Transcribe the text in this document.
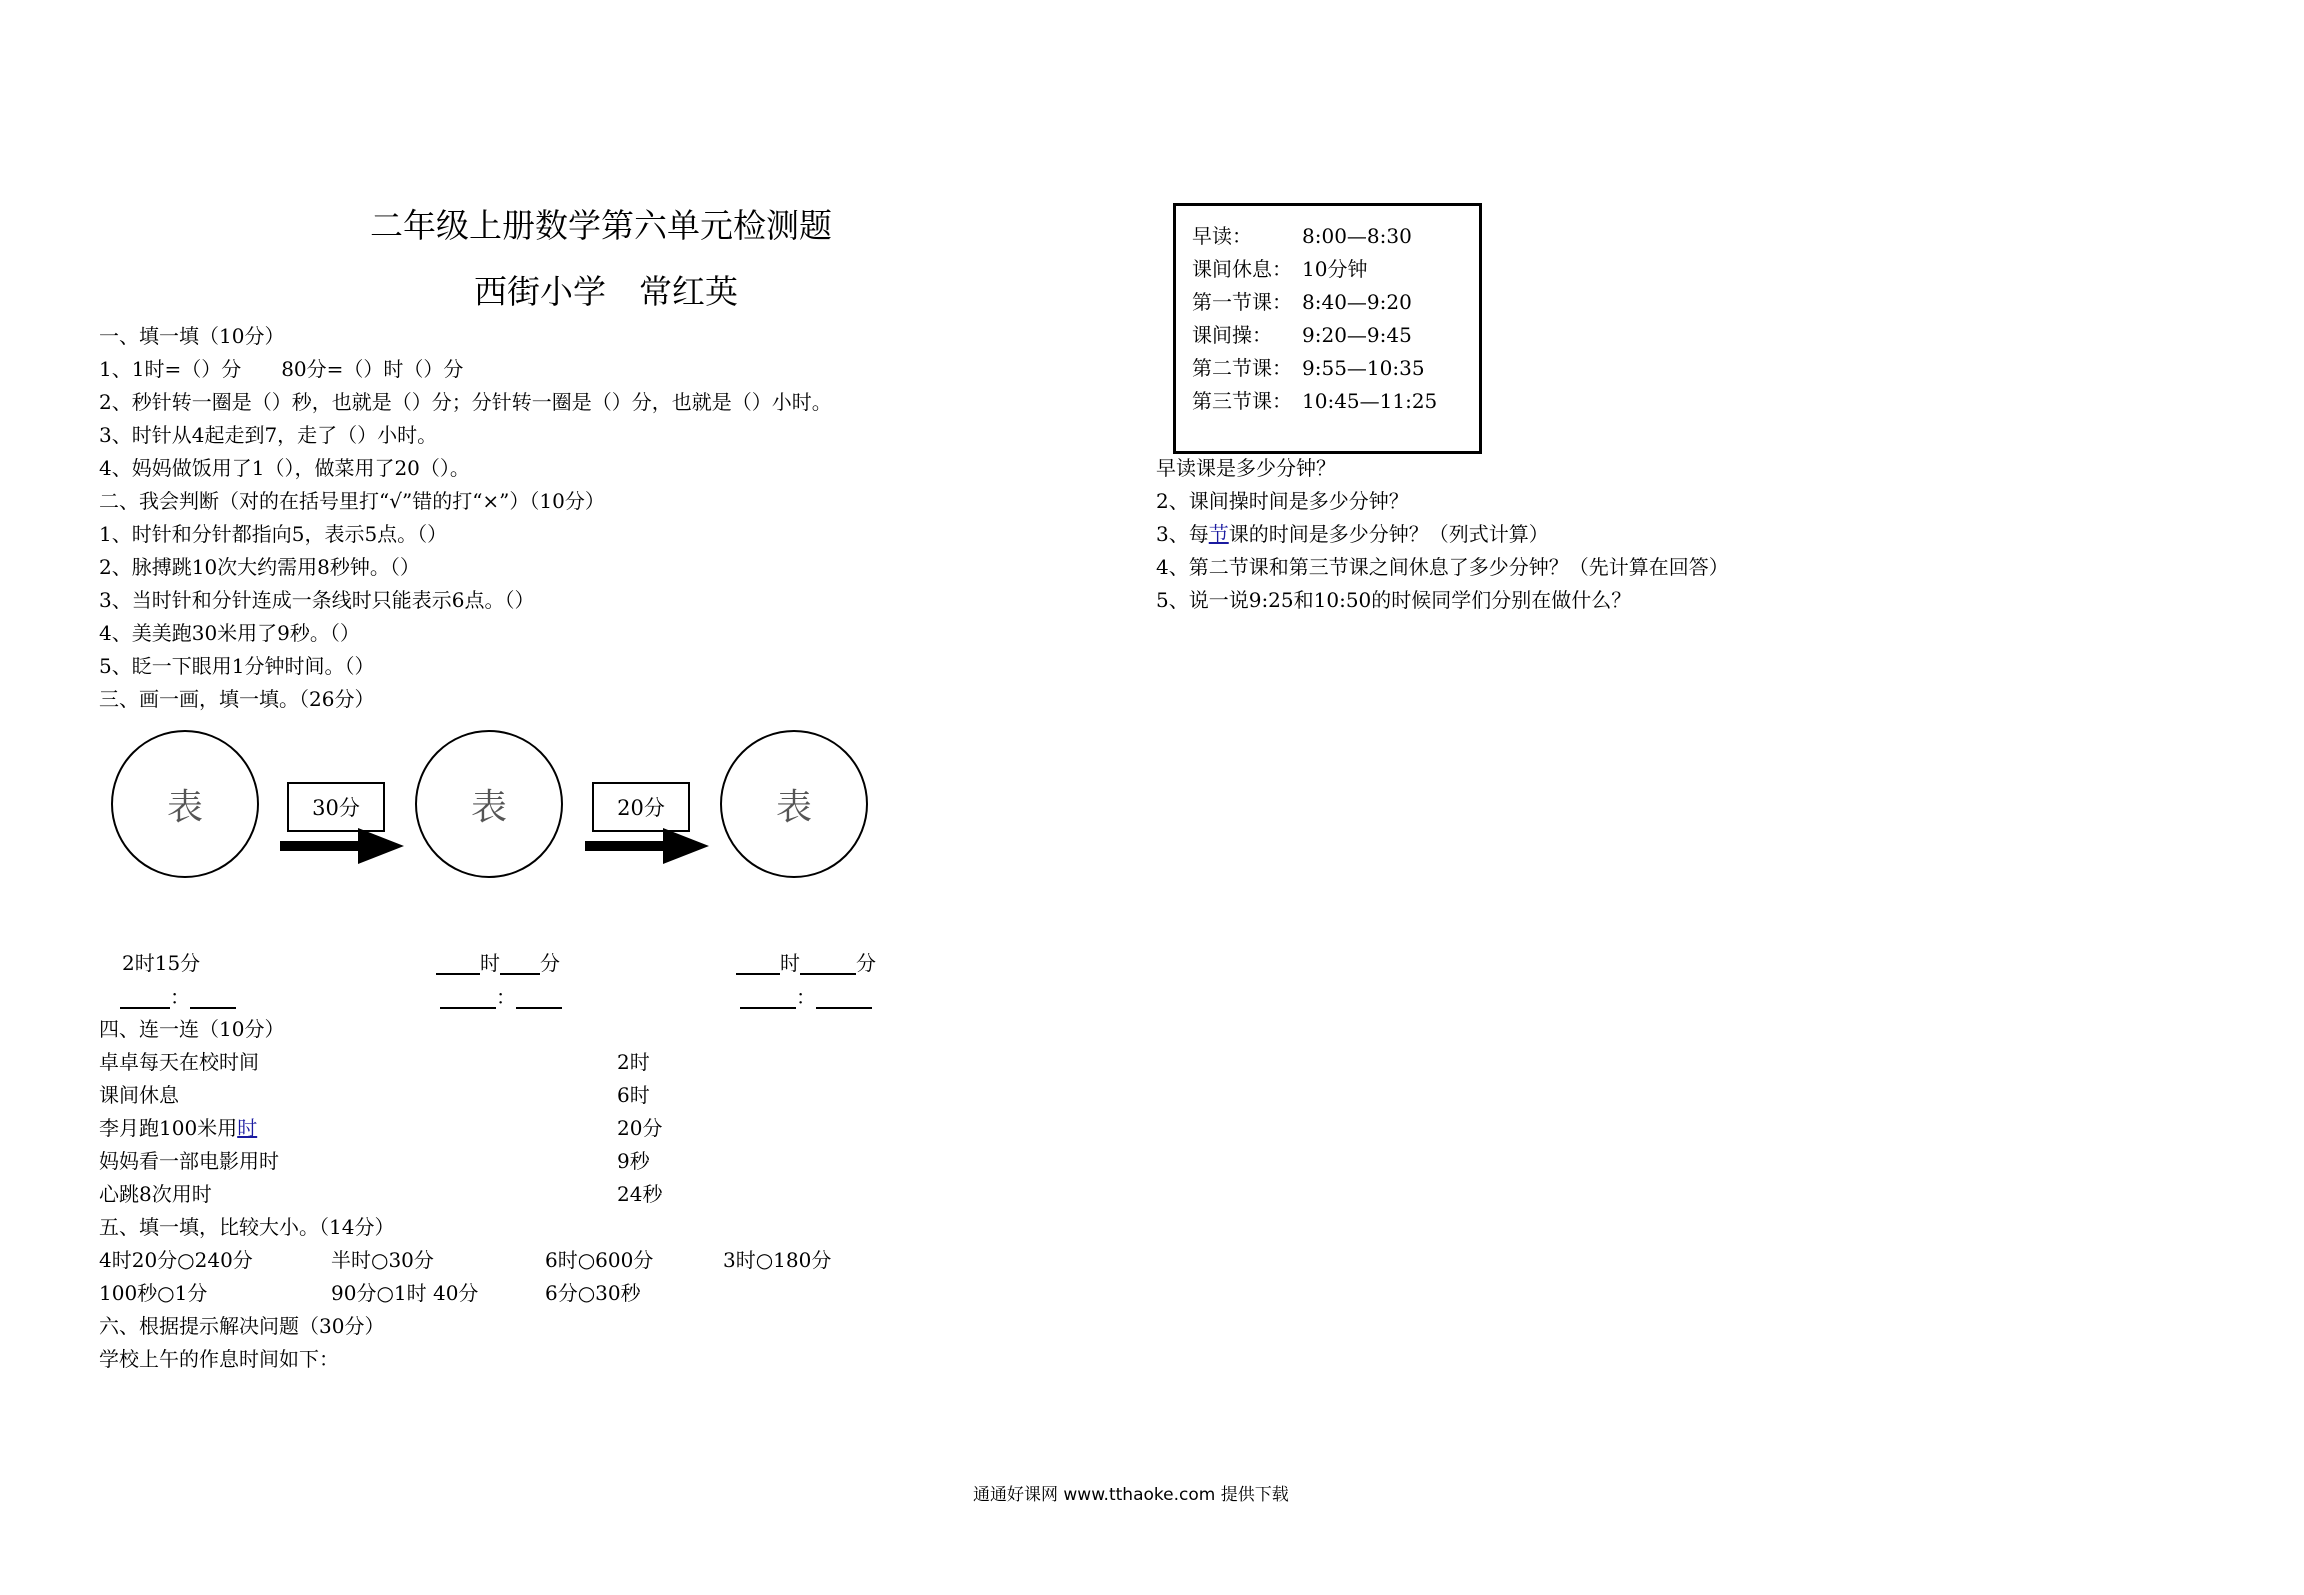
二年级上册数学第六单元检测题
西街小学　常红英
一、填一填（10分）
1、1时=（）分　　80分=（）时（）分
2、秒针转一圈是（）秒，也就是（）分；分针转一圈是（）分，也就是（）小时。
3、时针从4起走到7，走了（）小时。
4、妈妈做饭用了1（），做菜用了20（）。
二、我会判断（对的在括号里打“√”错的打“×”）（10分）
1、时针和分针都指向5，表示5点。（）
2、脉搏跳10次大约需用8秒钟。（）
3、当时针和分针连成一条线时只能表示6点。（）
4、美美跑30米用了9秒。（）
5、眨一下眼用1分钟时间。（）
三、画一画，填一填。（26分）
表	表	表
30分	20分
2时15分	时 分	时	分
：	：	：
四、连一连（10分）
卓卓每天在校时间
课间休息
李月跑100米用时
妈妈看一部电影用时
心跳8次用时
2时
6时
20分
9秒
24秒
五、填一填，比较大小。（14分）
4时20分○240分	半时○30分	6时○600分	3时○180分
100秒○1分	90分○1时 40分	6分○30秒
六、根据提示解决问题（30分）
学校上午的作息时间如下：
早读：	8:00—8:30
课间休息： 10分钟
第一节课： 8:40—9:20
课间操： 9:20—9:45
第二节课： 9:55—10:35
第三节课： 10:45—11:25
早读课是多少分钟？
2、课间操时间是多少分钟？
3、每节课的时间是多少分钟？（列式计算）
4、第二节课和第三节课之间休息了多少分钟？（先计算在回答）
5、说一说9:25和10:50的时候同学们分别在做什么？
通通好课网 www.tthaoke.com 提供下载
